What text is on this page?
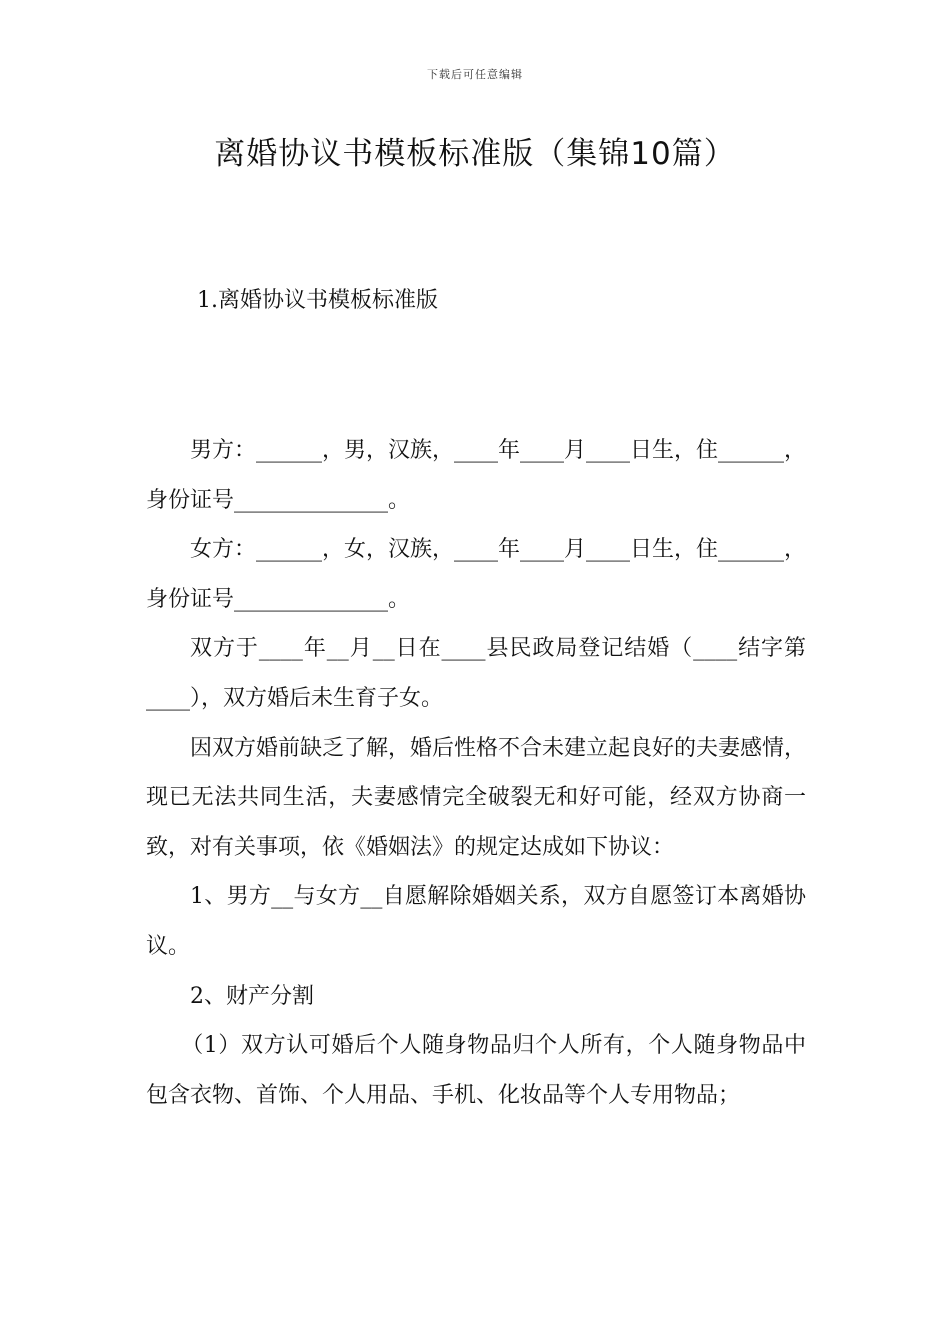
下载后可任意编辑
离婚协议书模板标准版（集锦10篇）
1.离婚协议书模板标准版

男方：______，男，汉族，____年____月____日生，住______，身份证号______________。

女方：______，女，汉族，____年____月____日生，住______，身份证号______________。

双方于____年__月__日在____县民政局登记结婚（____结字第____），双方婚后未生育子女。

因双方婚前缺乏了解，婚后性格不合未建立起良好的夫妻感情，现已无法共同生活，夫妻感情完全破裂无和好可能，经双方协商一致，对有关事项，依《婚姻法》的规定达成如下协议：

1、男方__与女方__自愿解除婚姻关系，双方自愿签订本离婚协议。

2、财产分割

（1）双方认可婚后个人随身物品归个人所有，个人随身物品中包含衣物、首饰、个人用品、手机、化妆品等个人专用物品；
